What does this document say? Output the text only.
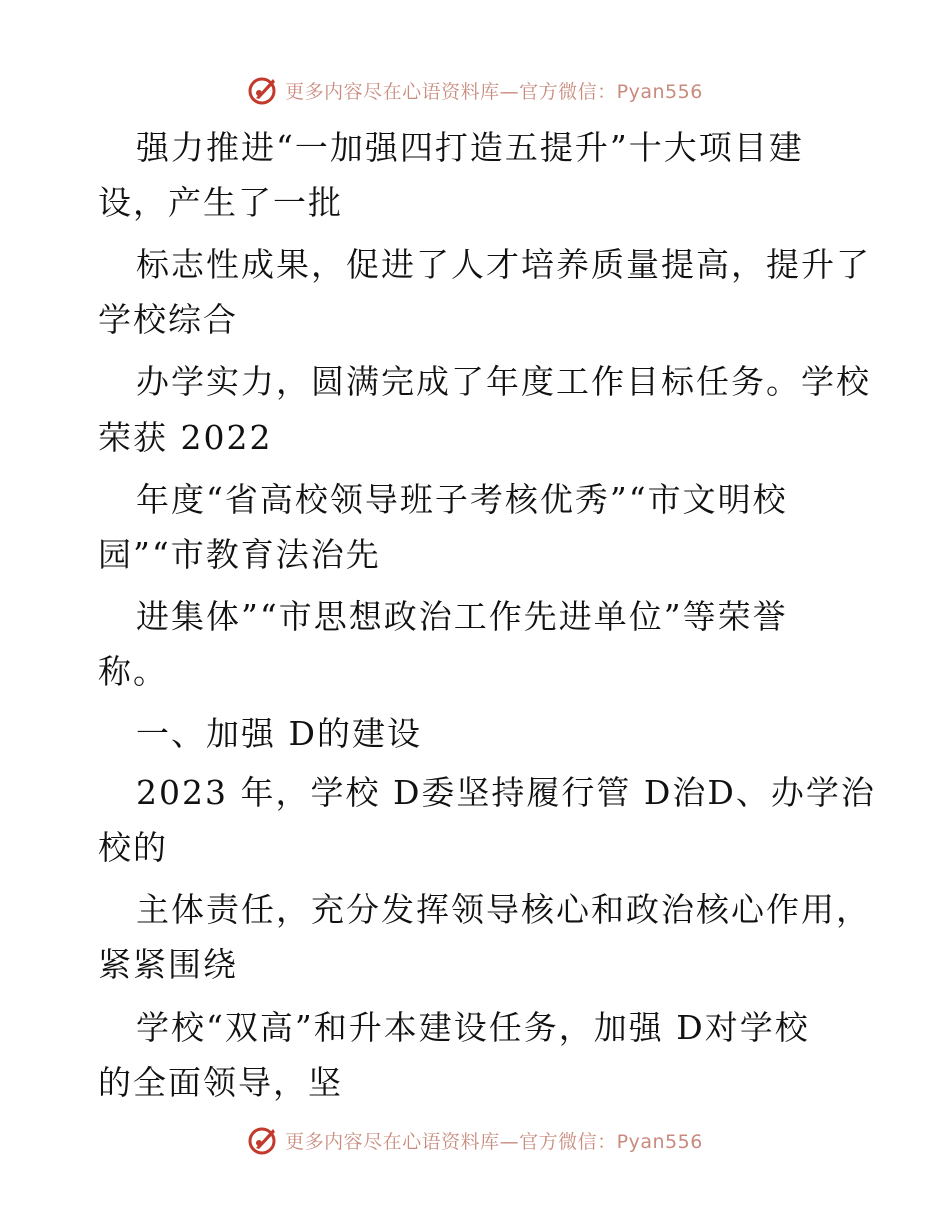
更多内容尽在心语资料库—官方微信：Pyan556
强力推进“一加强四打造五提升”十大项目建
设，产生了一批
标志性成果，促进了人才培养质量提高，提升了
学校综合
办学实力，圆满完成了年度工作目标任务。学校
荣获 2022
年度“省高校领导班子考核优秀”“市文明校
园”“市教育法治先
进集体”“市思想政治工作先进单位”等荣誉
称。
一、加强 D的建设
2023 年，学校 D委坚持履行管 D治D、办学治
校的
主体责任，充分发挥领导核心和政治核心作用，
紧紧围绕
学校“双高”和升本建设任务，加强 D对学校
的全面领导，坚
更多内容尽在心语资料库—官方微信：Pyan556
